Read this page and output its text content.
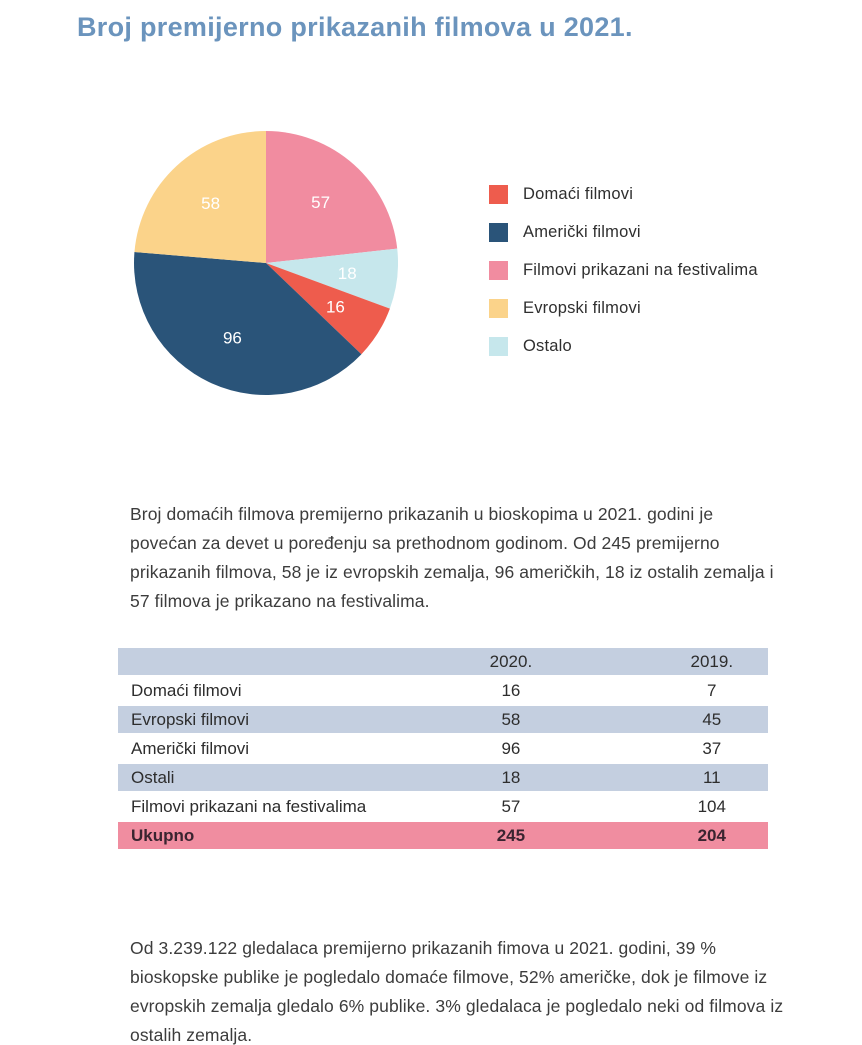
Broj premijerno prikazanih filmova u 2021.
57
18
16
96
58	Domaći filmovi
Američki filmovi
Filmovi prikazani na festivalima
Evropski filmovi
Ostalo

Broj domaćih filmova premijerno prikazanih u bioskopima u 2021. godini je povećan za devet u poređenju sa prethodnom godinom. Od 245 premijerno prikazanih filmova, 58 je iz evropskih zemalja, 96 američkih, 18 iz ostalih zemalja i 57 filmova je prikazano na festivalima.

	2020.	2019.
Domaći filmovi	16	7
Evropski filmovi	58	45
Američki filmovi	96	37
Ostali	18	11
Filmovi prikazani na festivalima	57	104
Ukupno	245	204

Od 3.239.122 gledalaca premijerno prikazanih fimova u 2021. godini, 39 % bioskopske publike je pogledalo domaće filmove, 52% američke, dok je filmove iz evropskih zemalja gledalo 6% publike. 3% gledalaca je pogledalo neki od filmova iz ostalih zemalja.
